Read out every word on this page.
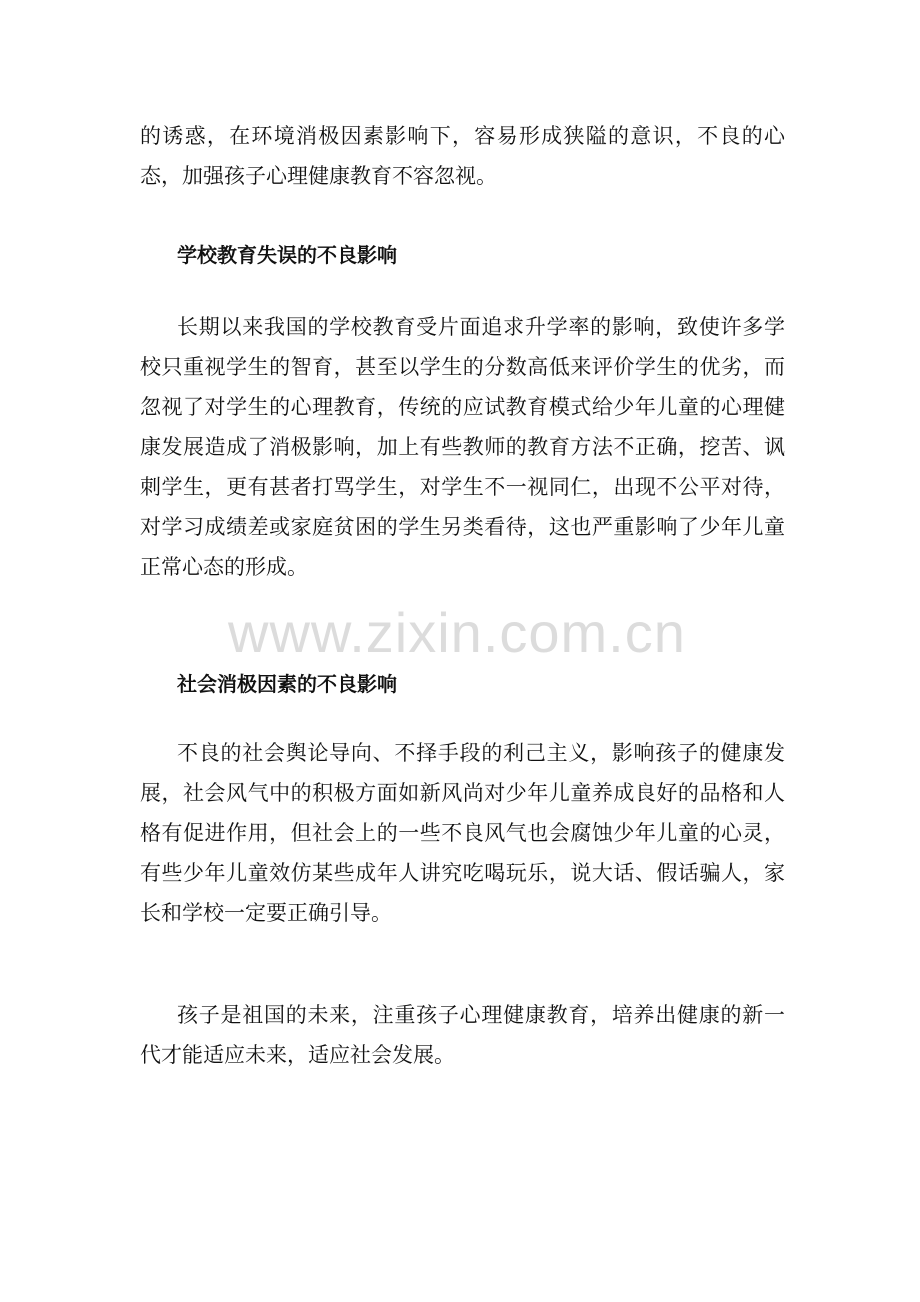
的诱惑，在环境消极因素影响下，容易形成狭隘的意识，不良的心态，加强孩子心理健康教育不容忽视。

学校教育失误的不良影响

长期以来我国的学校教育受片面追求升学率的影响，致使许多学校只重视学生的智育，甚至以学生的分数高低来评价学生的优劣，而忽视了对学生的心理教育，传统的应试教育模式给少年儿童的心理健康发展造成了消极影响，加上有些教师的教育方法不正确，挖苦、讽刺学生，更有甚者打骂学生，对学生不一视同仁，出现不公平对待，对学习成绩差或家庭贫困的学生另类看待，这也严重影响了少年儿童正常心态的形成。

社会消极因素的不良影响

不良的社会舆论导向、不择手段的利己主义，影响孩子的健康发展，社会风气中的积极方面如新风尚对少年儿童养成良好的品格和人格有促进作用，但社会上的一些不良风气也会腐蚀少年儿童的心灵，有些少年儿童效仿某些成年人讲究吃喝玩乐，说大话、假话骗人，家长和学校一定要正确引导。

孩子是祖国的未来，注重孩子心理健康教育，培养出健康的新一代才能适应未来，适应社会发展。

www.zixin.com.cn
